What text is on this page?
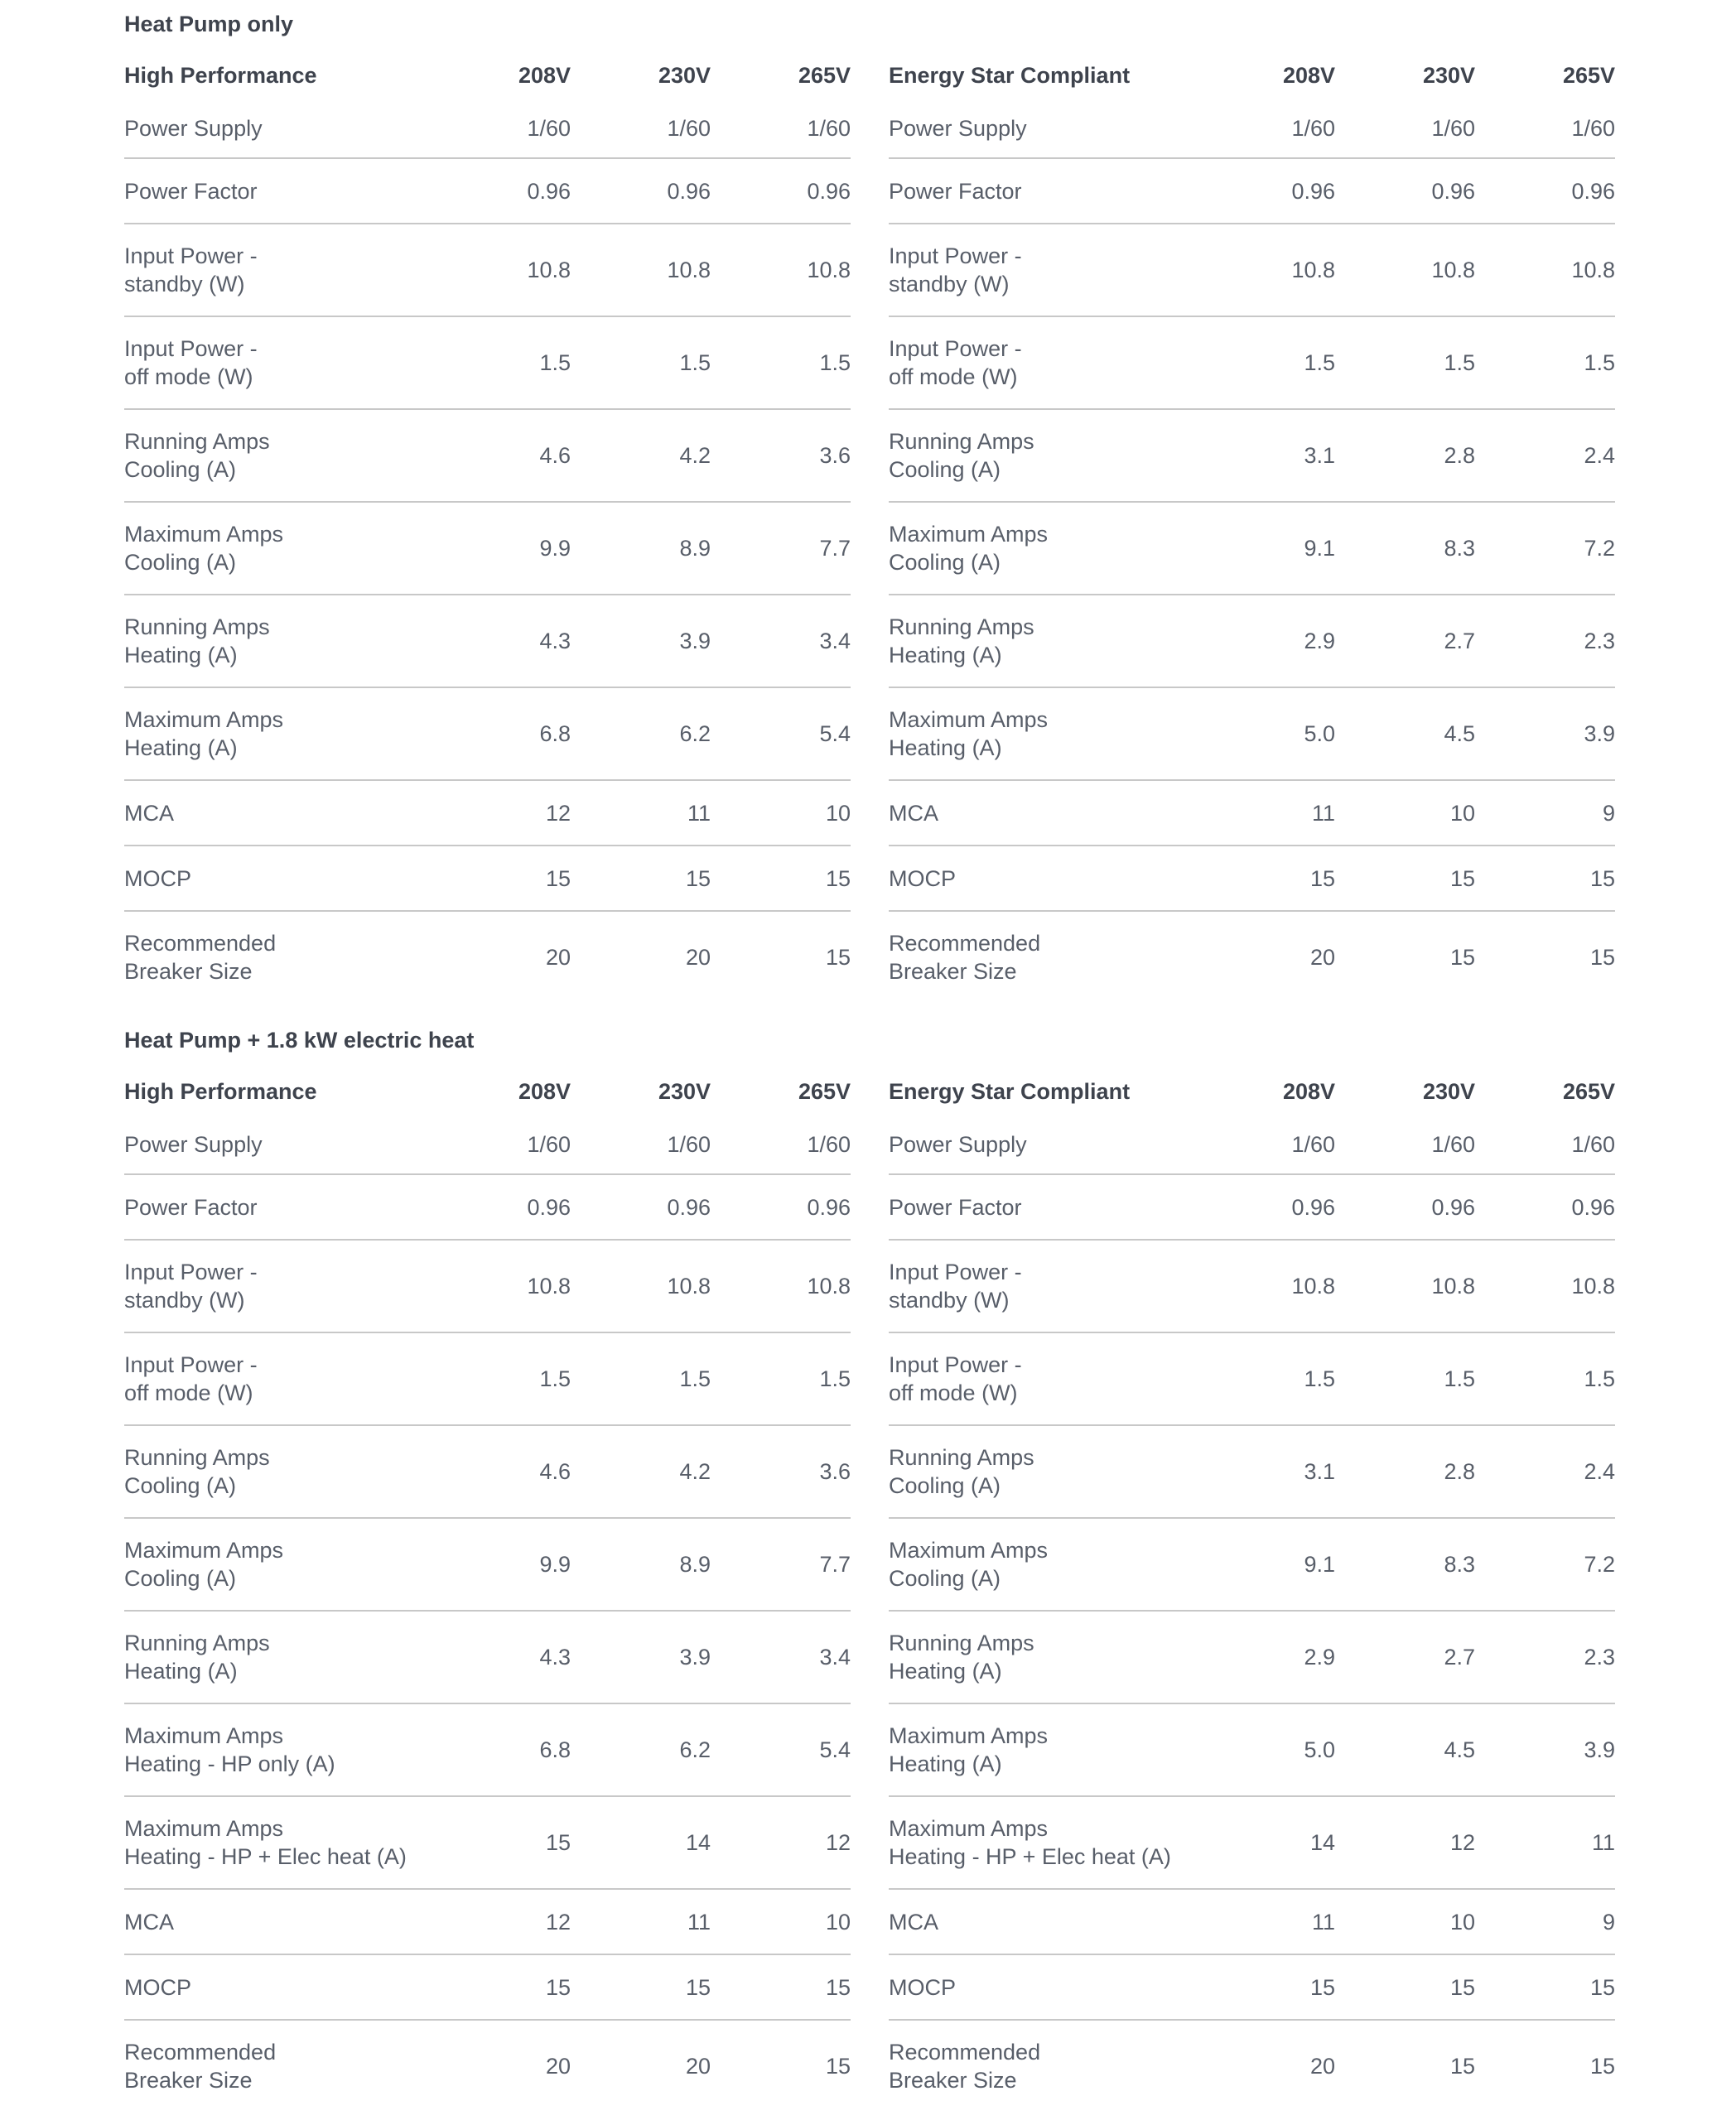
Heat Pump only
High Performance	208V	230V	265V

Power Supply	1/60	1/60	1/60

Power Factor	0.96	0.96	0.96

Input Power -
standby (W)	10.8	10.8	10.8

Input Power -
off mode (W)	1.5	1.5	1.5

Running Amps
Cooling (A)	4.6	4.2	3.6

Maximum Amps
Cooling (A)	9.9	8.9	7.7

Running Amps
Heating (A)	4.3	3.9	3.4

Maximum Amps
Heating (A)	6.8	6.2	5.4

MCA	12	11	10

MOCP	15	15	15

Recommended
Breaker Size	20	20	15
Energy Star Compliant	208V	230V	265V

Power Supply	1/60	1/60	1/60

Power Factor	0.96	0.96	0.96

Input Power -
standby (W)	10.8	10.8	10.8

Input Power -
off mode (W)	1.5	1.5	1.5

Running Amps
Cooling (A)	3.1	2.8	2.4

Maximum Amps
Cooling (A)	9.1	8.3	7.2

Running Amps
Heating (A)	2.9	2.7	2.3

Maximum Amps
Heating (A)	5.0	4.5	3.9

MCA	11	10	9

MOCP	15	15	15

Recommended
Breaker Size	20	15	15
Heat Pump + 1.8 kW electric heat
High Performance	208V	230V	265V

Power Supply	1/60	1/60	1/60

Power Factor	0.96	0.96	0.96

Input Power -
standby (W)	10.8	10.8	10.8

Input Power -
off mode (W)	1.5	1.5	1.5

Running Amps
Cooling (A)	4.6	4.2	3.6

Maximum Amps
Cooling (A)	9.9	8.9	7.7

Running Amps
Heating (A)	4.3	3.9	3.4

Maximum Amps
Heating - HP only (A)	6.8	6.2	5.4

Maximum Amps
Heating - HP + Elec heat (A)	15	14	12

MCA	12	11	10

MOCP	15	15	15

Recommended
Breaker Size	20	20	15
Energy Star Compliant	208V	230V	265V

Power Supply	1/60	1/60	1/60

Power Factor	0.96	0.96	0.96

Input Power -
standby (W)	10.8	10.8	10.8

Input Power -
off mode (W)	1.5	1.5	1.5

Running Amps
Cooling (A)	3.1	2.8	2.4

Maximum Amps
Cooling (A)	9.1	8.3	7.2

Running Amps
Heating (A)	2.9	2.7	2.3

Maximum Amps
Heating (A)	5.0	4.5	3.9

Maximum Amps
Heating - HP + Elec heat (A)	14	12	11

MCA	11	10	9

MOCP	15	15	15

Recommended
Breaker Size	20	15	15
